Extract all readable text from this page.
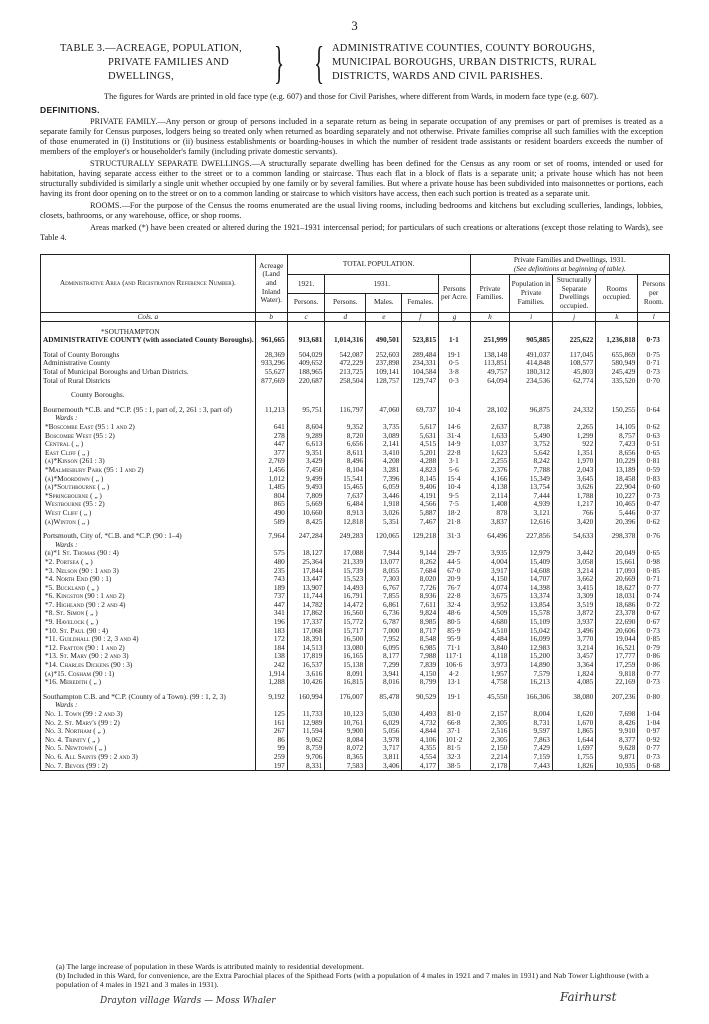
3
TABLE 3.—ACREAGE, POPULATION,
PRIVATE FAMILIES AND
DWELLINGS,	} { ADMINISTRATIVE COUNTIES, COUNTY BOROUGHS,
MUNICIPAL BOROUGHS, URBAN DISTRICTS, RURAL
DISTRICTS, WARDS AND CIVIL PARISHES.

The figures for Wards are printed in old face type (e.g. 607) and those for Civil Parishes, where different from Wards, in modern face type (e.g. 607).

DEFINITIONS.

PRIVATE FAMILY.—Any person or group of persons included in a separate return as being in separate occupation of any premises or part of premises is treated as a separate family for Census purposes, lodgers being so treated only when returned as boarding separately and not otherwise. Private families comprise all such families with the exception of those enumerated in (i) Institutions or (ii) business establishments or boarding-houses in which the number of resident trade assistants or resident boarders exceeds the number of members of the employer's or householder's family (including private domestic servants).

STRUCTURALLY SEPARATE DWELLINGS.—A structurally separate dwelling has been defined for the Census as any room or set of rooms, intended or used for habitation, having separate access either to the street or to a common landing or staircase. Thus each flat in a block of flats is a separate unit; a private house which has not been structurally subdivided is similarly a single unit whether occupied by one family or by several families. But where a private house has been subdivided into maisonnettes or portions, each having its front door opening on to the street or on to a common landing or staircase to which visitors have access, then each such portion is treated as a separate unit.

ROOMS.—For the purpose of the Census the rooms enumerated are the usual living rooms, including bedrooms and kitchens but excluding sculleries, landings, lobbies, closets, bathrooms, or any warehouse, office, or shop rooms.

Areas marked (*) have been created or altered during the 1921–1931 intercensal period; for particulars of such creations or alterations (except those relating to Wards), see Table 4.

Administrative Area (and Registration Reference Number).	Acreage (Land and Inland Water).	TOTAL POPULATION.					Private Families and Dwellings, 1931.
(See definitions at beginning of table).				

		1921.	1931.			Persons per Acre.	Private Families.	Population in Private Families.	Structurally Separate Dwellings occupied.	Rooms occupied.	Persons per Room.
		Persons.	Persons.	Males.	Females.						
Cols. a	b	c	d	e	f	g	h	i	j	k	l

*SOUTHAMPTON											
ADMINISTRATIVE COUNTY (with associated County Boroughs).	961,665	913,681	1,014,316	490,501	523,815	1·1	251,999	905,885	225,622	1,236,818	0·73

Total of County Boroughs	28,369	504,029	542,087	252,603	289,484	19·1	138,148	491,037	117,045	655,869	0·75
Administrative County	933,296	409,652	472,229	237,898	234,331	0·5	113,851	414,848	108,577	580,949	0·71
Total of Municipal Boroughs and Urban Districts.	55,627	188,965	213,725	109,141	104,584	3·8	49,757	180,312	45,803	245,429	0·73
Total of Rural Districts	877,669	220,687	258,504	128,757	129,747	0·3	64,094	234,536	62,774	335,520	0·70

County Boroughs.											

Bournemouth *C.B. and *C.P. (95 : 1, part of, 2, 261 : 3, part of)	11,213	95,751	116,797	47,060	69,737	10·4	28,102	96,875	24,332	150,255	0·64
Wards :											
*Boscombe East (95 : 1 and 2)	641	8,604	9,352	3,735	5,617	14·6	2,637	8,738	2,265	14,105	0·62
Boscombe West (95 : 2)	278	9,289	8,720	3,089	5,631	31·4	1,633	5,490	1,299	8,757	0·63
Central ( „ )	447	6,613	6,656	2,141	4,515	14·9	1,037	3,752	922	7,423	0·51
East Cliff ( „ )	377	9,351	8,611	3,410	5,201	22·8	1,623	5,642	1,351	8,656	0·65
(a)*Kinson (261 : 3)	2,769	3,429	8,496	4,208	4,288	3·1	2,255	8,242	1,970	10,229	0·81
*Malmesbury Park (95 : 1 and 2)	1,456	7,450	8,104	3,281	4,823	5·6	2,376	7,788	2,043	13,189	0·59
(a)*Moordown ( „ )	1,012	9,499	15,541	7,396	8,145	15·4	4,166	15,349	3,645	18,458	0·83
(a)*Southbourne ( „ )	1,485	9,493	15,465	6,059	9,406	10·4	4,138	13,754	3,626	22,904	0·60
*Springbourne ( „ )	804	7,809	7,637	3,446	4,191	9·5	2,114	7,444	1,788	10,227	0·73
Westbourne (95 : 2)	865	5,669	6,484	1,918	4,566	7·5	1,408	4,939	1,217	10,465	0·47
West Cliff ( „ )	490	10,660	8,913	3,026	5,887	18·2	878	3,121	766	5,446	0·37
(a)Winton ( „ )	589	8,425	12,818	5,351	7,467	21·8	3,837	12,616	3,420	20,396	0·62

Portsmouth, City of, *C.B. and *C.P. (90 : 1–4)	7,964	247,284	249,283	120,065	129,218	31·3	64,496	227,856	54,633	298,378	0·76
Wards :											
(b)*1 St. Thomas (90 : 4)	575	18,127	17,088	7,944	9,144	29·7	3,935	12,979	3,442	20,049	0·65
*2. Portsea ( „ )	480	25,364	21,339	13,077	8,262	44·5	4,004	15,409	3,058	15,661	0·98
*3. Nelson (90 : 1 and 3)	235	17,844	15,739	8,055	7,684	67·0	3,917	14,608	3,214	17,093	0·85
*4. North End (90 : 1)	743	13,447	15,523	7,303	8,020	20·9	4,150	14,707	3,662	20,669	0·71
*5. Buckland ( „ )	189	13,907	14,493	6,767	7,726	76·7	4,074	14,398	3,415	18,627	0·77
*6. Kingston (90 : 1 and 2)	737	11,744	16,791	7,855	8,936	22·8	3,675	13,374	3,309	18,031	0·74
*7. Highland (90 : 2 and 4)	447	14,782	14,472	6,861	7,611	32·4	3,952	13,854	3,519	18,686	0·72
*8. St. Simon ( „ )	341	17,862	16,560	6,736	9,824	48·6	4,509	15,578	3,872	23,378	0·67
*9. Havelock ( „ )	196	17,337	15,772	6,787	8,985	80·5	4,680	15,109	3,937	22,690	0·67
*10. St. Paul (90 : 4)	183	17,068	15,717	7,000	8,717	85·9	4,510	15,042	3,496	20,606	0·73
*11. Guildhall (90 : 2, 3 and 4)	172	18,391	16,500	7,952	8,548	95·9	4,484	16,099	3,770	19,044	0·85
*12. Fratton (90 : 1 and 2)	184	14,513	13,080	6,095	6,985	71·1	3,840	12,983	3,214	16,521	0·79
*13. St. Mary (90 : 2 and 3)	138	17,819	16,165	8,177	7,988	117·1	4,118	15,200	3,457	17,777	0·86
*14. Charles Dickens (90 : 3)	242	16,537	15,138	7,299	7,839	106·6	3,973	14,890	3,364	17,259	0·86
(a)*15. Cosham (90 : 1)	1,914	3,616	8,091	3,941	4,150	4·2	1,957	7,579	1,824	9,818	0·77
*16. Meredith ( „ )	1,288	10,426	16,815	8,016	8,799	13·1	4,758	16,213	4,085	22,169	0·73

Southampton C.B. and *C.P. (County of a Town). (99 : 1, 2, 3)	9,192	160,994	176,007	85,478	90,529	19·1	45,550	166,306	38,080	207,236	0·80
Wards :											
No. 1. Town (99 : 2 and 3)	125	11,733	10,123	5,030	4,493	81·0	2,157	8,004	1,620	7,698	1·04
No. 2. St. Mary's (99 : 2)	161	12,989	10,761	6,029	4,732	66·8	2,305	8,731	1,670	8,426	1·04
No. 3. Northam ( „ )	267	11,594	9,900	5,056	4,844	37·1	2,516	9,597	1,865	9,910	0·97
No. 4. Trinity ( „ )	86	9,062	8,084	3,978	4,106	101·2	2,305	7,863	1,644	8,377	0·92
No. 5. Newtown ( „ )	99	8,759	8,072	3,717	4,355	81·5	2,150	7,429	1,697	9,628	0·77
No. 6. All Saints (99 : 2 and 3)	259	9,706	8,365	3,811	4,554	32·3	2,214	7,159	1,755	9,871	0·73
No. 7. Bevois (99 : 2)	197	8,331	7,583	3,406	4,177	38·5	2,178	7,443	1,826	10,935	0·68
(a) The large increase of population in these Wards is attributed mainly to residential development.
(b) Included in this Ward, for convenience, are the Extra Parochial places of the Spithead Forts (with a population of 4 males in 1921 and 7 males in 1931) and Nab Tower Lighthouse (with a population of 4 males in 1921 and 3 males in 1931).
Drayton village Wards — Moss Whaler	Fairhurst
